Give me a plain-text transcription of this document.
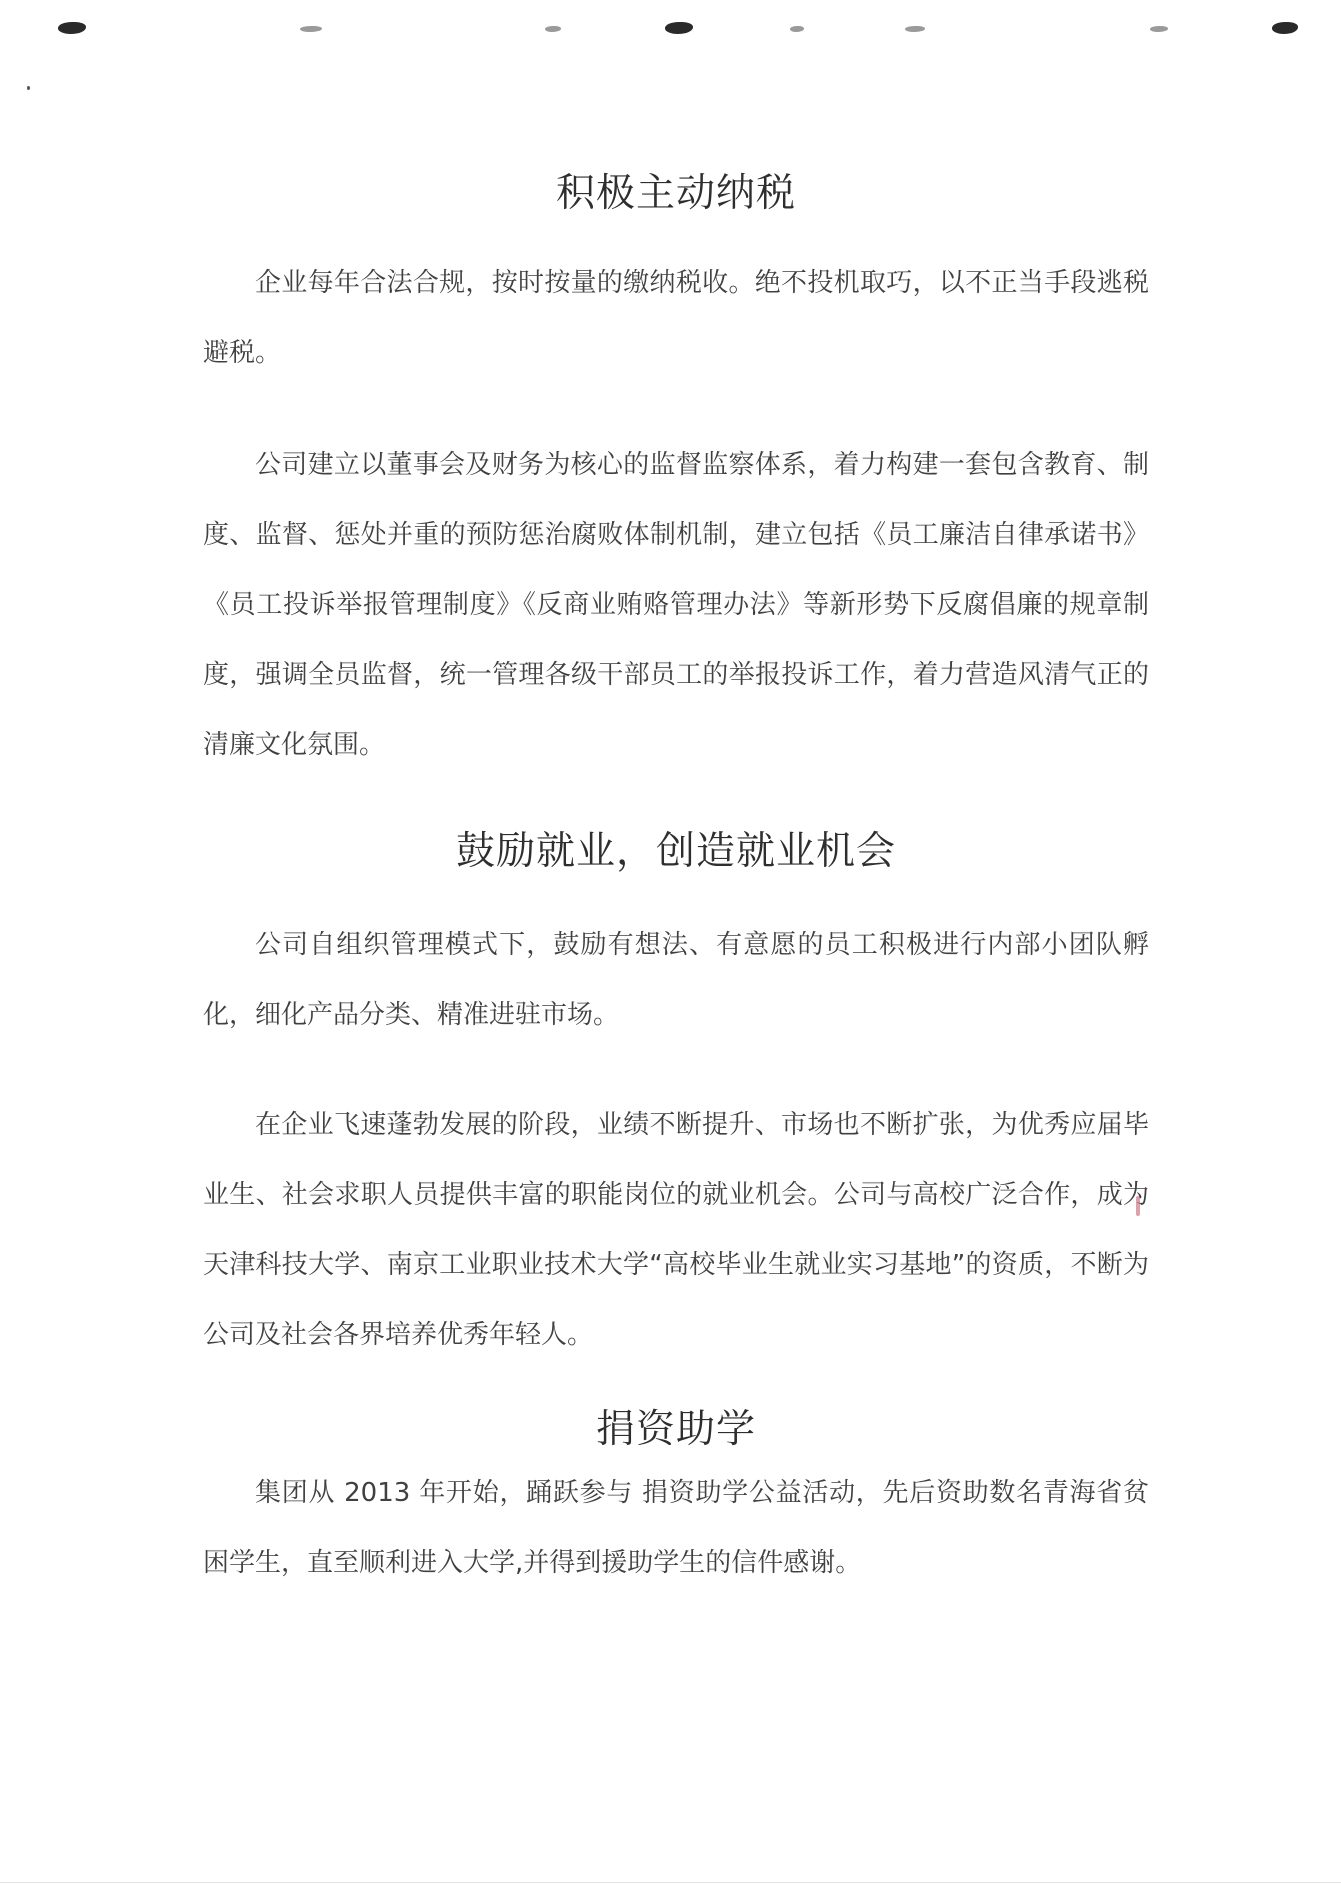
积极主动纳税

企业每年合法合规，按时按量的缴纳税收。绝不投机取巧，以不正当手段逃税避税。

公司建立以董事会及财务为核心的监督监察体系，着力构建一套包含教育、制度、监督、惩处并重的预防惩治腐败体制机制，建立包括《员工廉洁自律承诺书》《员工投诉举报管理制度》《反商业贿赂管理办法》等新形势下反腐倡廉的规章制度，强调全员监督，统一管理各级干部员工的举报投诉工作，着力营造风清气正的清廉文化氛围。

鼓励就业，创造就业机会

公司自组织管理模式下，鼓励有想法、有意愿的员工积极进行内部小团队孵化，细化产品分类、精准进驻市场。

在企业飞速蓬勃发展的阶段，业绩不断提升、市场也不断扩张，为优秀应届毕业生、社会求职人员提供丰富的职能岗位的就业机会。公司与高校广泛合作，成为天津科技大学、南京工业职业技术大学“高校毕业生就业实习基地”的资质，不断为公司及社会各界培养优秀年轻人。

捐资助学

集团从 2013 年开始，踊跃参与 捐资助学公益活动，先后资助数名青海省贫困学生，直至顺利进入大学,并得到援助学生的信件感谢。
